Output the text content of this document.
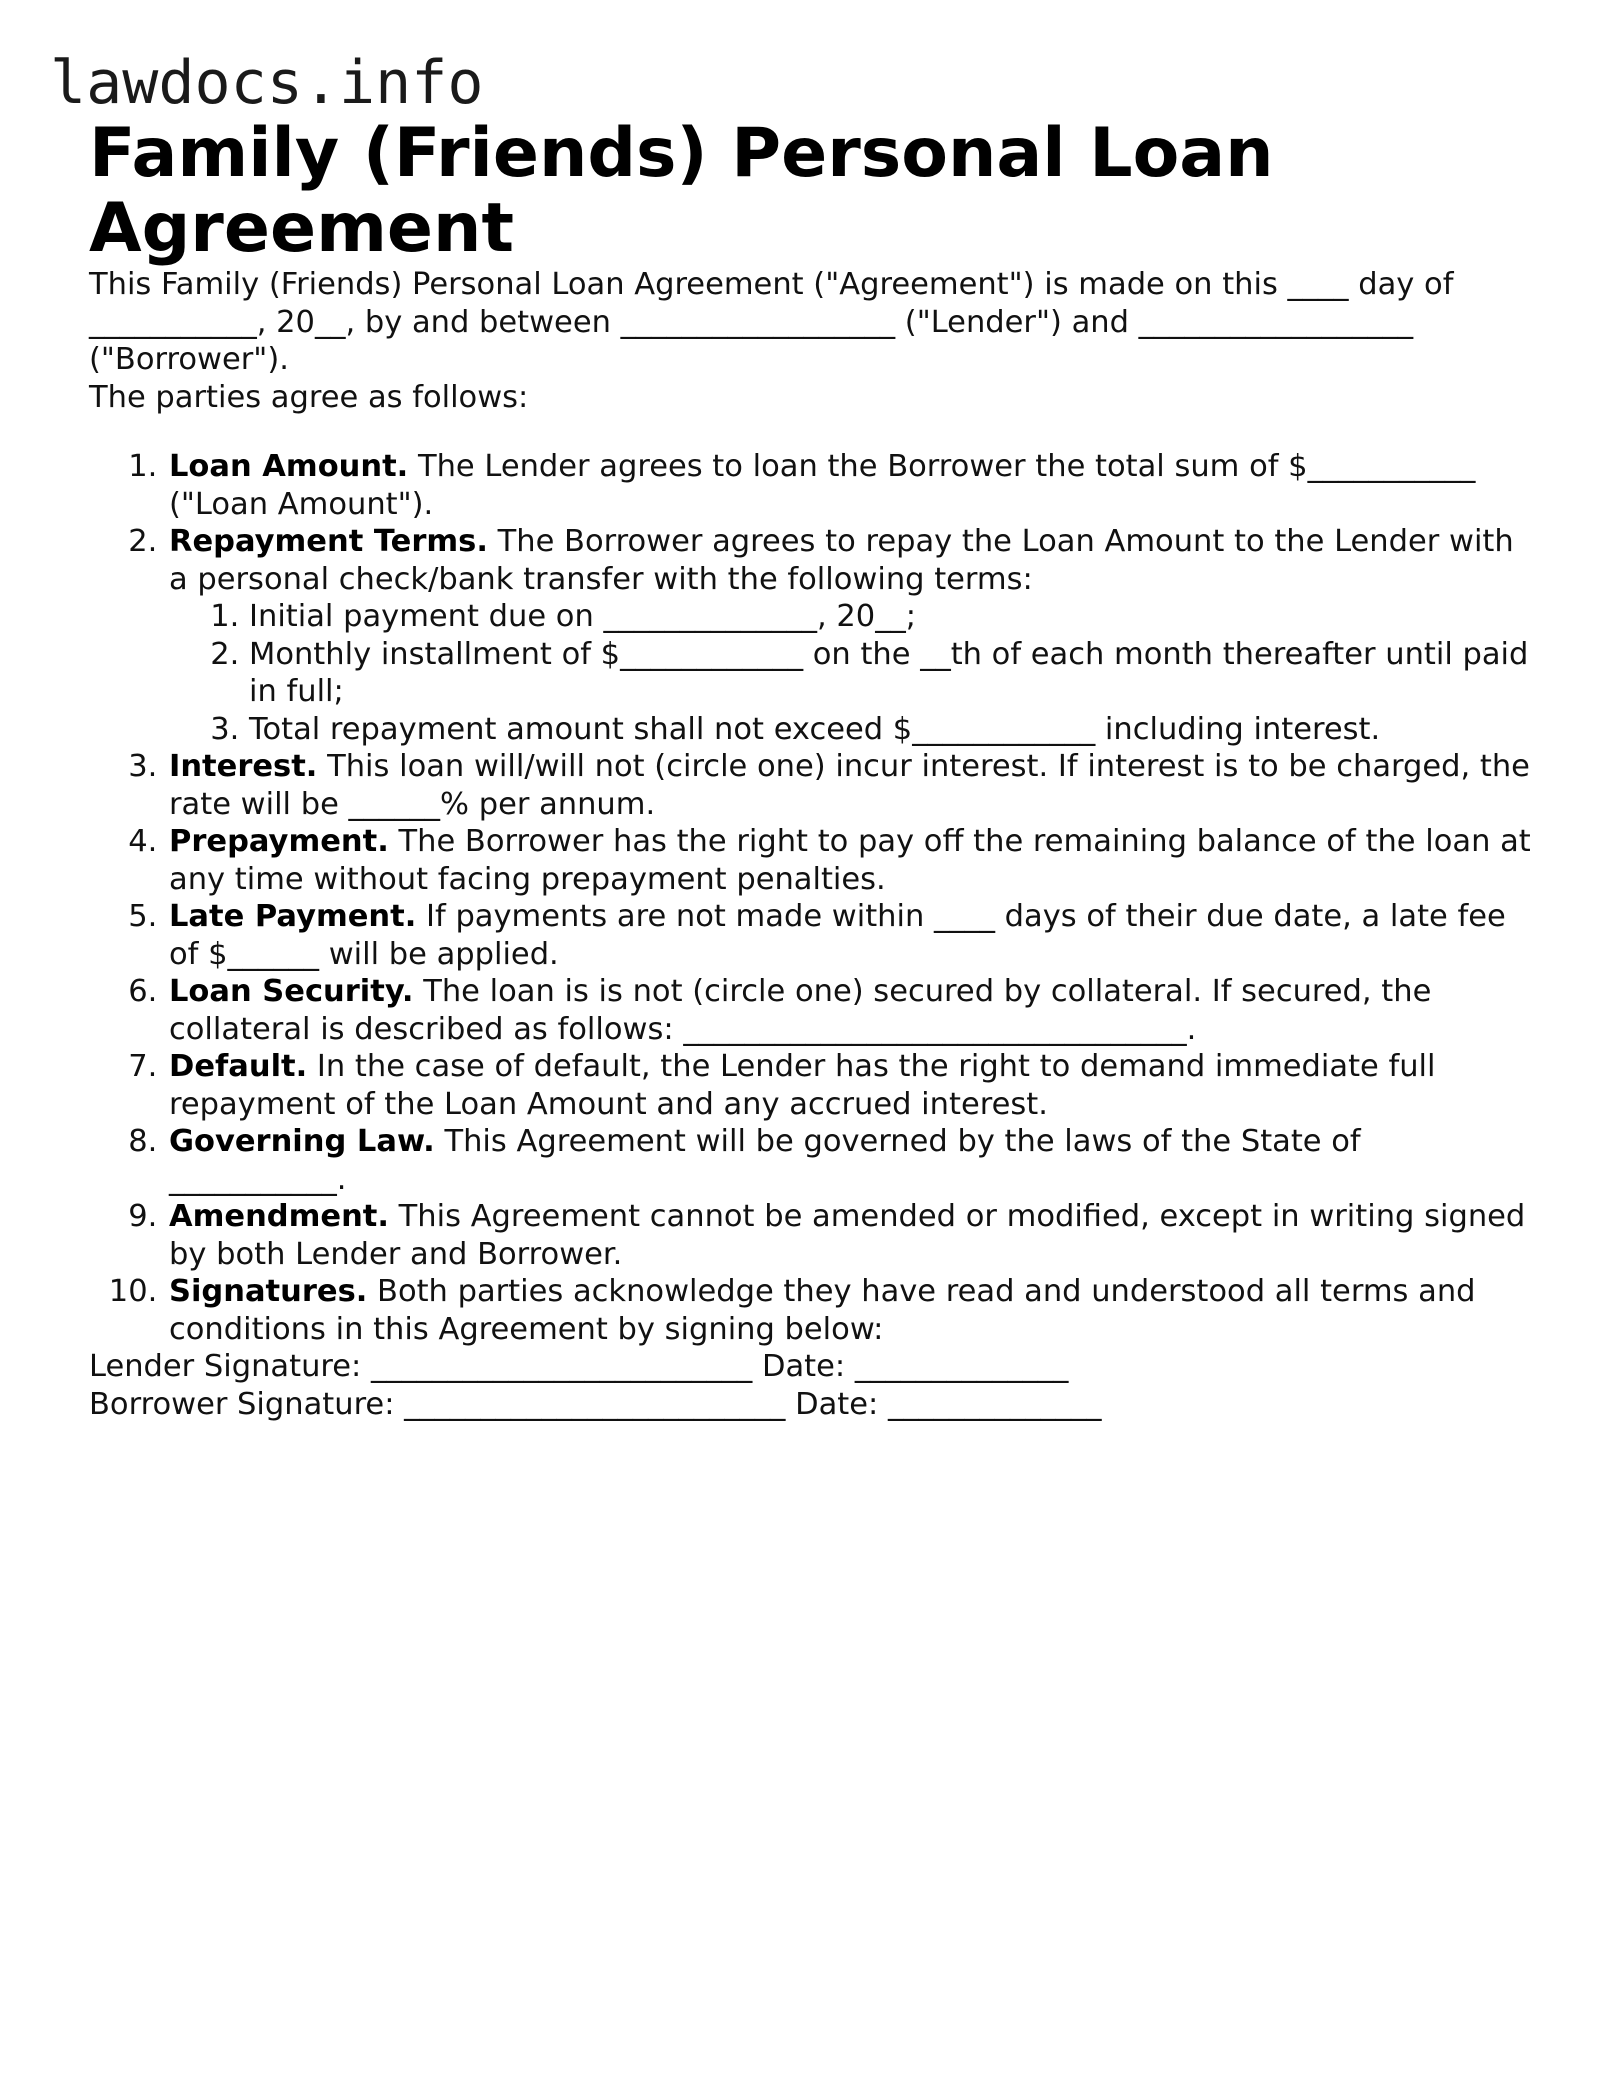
lawdocs.info
Family (Friends) Personal Loan Agreement

This Family (Friends) Personal Loan Agreement ("Agreement") is made on this ____ day of ___________, 20__, by and between __________________ ("Lender") and __________________ ("Borrower").

The parties agree as follows:

1. Loan Amount. The Lender agrees to loan the Borrower the total sum of $___________ ("Loan Amount").
2. Repayment Terms. The Borrower agrees to repay the Loan Amount to the Lender with a personal check/bank transfer with the following terms:
1. Initial payment due on ______________, 20__;
2. Monthly installment of $____________ on the __th of each month thereafter until paid in full;
3. Total repayment amount shall not exceed $____________ including interest.
3. Interest. This loan will/will not (circle one) incur interest. If interest is to be charged, the rate will be ______% per annum.
4. Prepayment. The Borrower has the right to pay off the remaining balance of the loan at any time without facing prepayment penalties.
5. Late Payment. If payments are not made within ____ days of their due date, a late fee of $______ will be applied.
6. Loan Security. The loan is is not (circle one) secured by collateral. If secured, the collateral is described as follows: _________________________________.
7. Default. In the case of default, the Lender has the right to demand immediate full repayment of the Loan Amount and any accrued interest.
8. Governing Law. This Agreement will be governed by the laws of the State of ___________.
9. Amendment. This Agreement cannot be amended or modified, except in writing signed by both Lender and Borrower.
10. Signatures. Both parties acknowledge they have read and understood all terms and conditions in this Agreement by signing below:

Lender Signature: _________________________ Date: ______________

Borrower Signature: _________________________ Date: ______________
